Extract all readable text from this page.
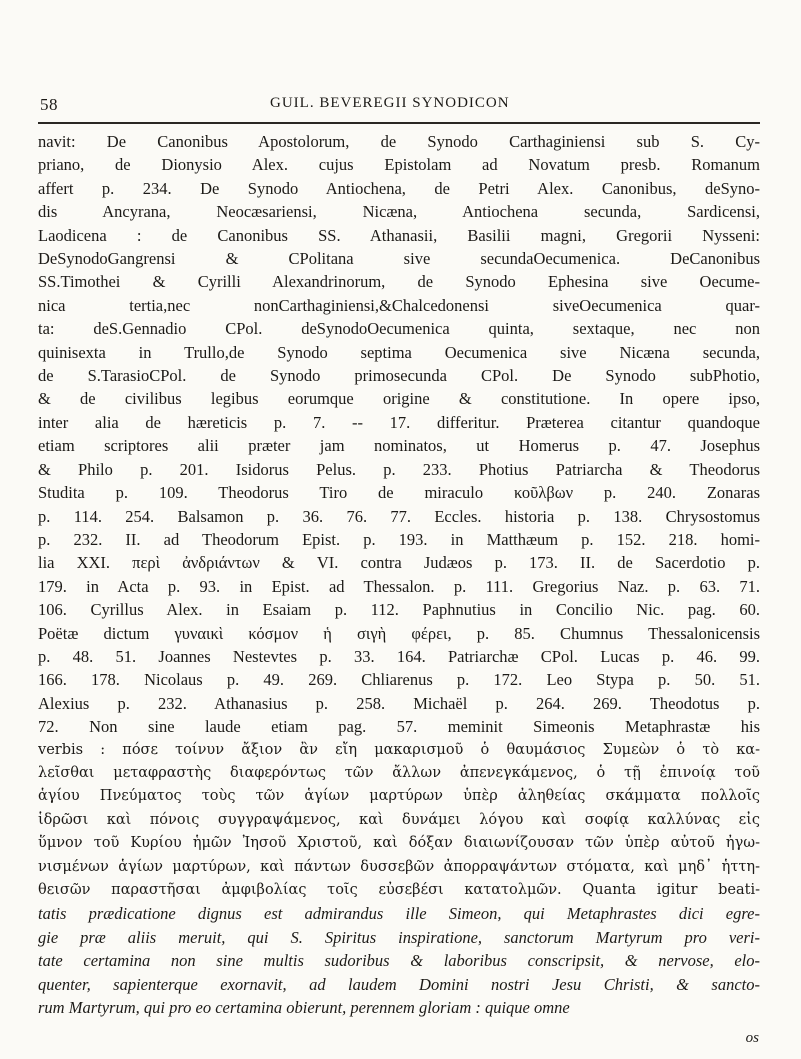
58	GUIL. BEVEREGII SYNODICON
navit: De Canonibus Apostolorum, de Synodo Carthaginiensi sub S. Cy-
priano, de Dionysio Alex. cujus Epistolam ad Novatum presb. Romanum
affert p. 234. De Synodo Antiochena, de Petri Alex. Canonibus, deSyno-
dis Ancyrana, Neocæsariensi, Nicæna, Antiochena secunda, Sardicensi,
Laodicena : de Canonibus SS. Athanasii, Basilii magni, Gregorii Nysseni:
DeSynodoGangrensi & CPolitana sive secundaOecumenica. DeCanonibus
SS.Timothei & Cyrilli Alexandrinorum, de Synodo Ephesina sive Oecume-
nica tertia,nec nonCarthaginiensi,&Chalcedonensi siveOecumenica quar-
ta: deS.Gennadio CPol. deSynodoOecumenica quinta, sextaque, nec non
quinisexta in Trullo,de Synodo septima Oecumenica sive Nicæna secunda,
de S.TarasioCPol. de Synodo primosecunda CPol. De Synodo subPhotio,
& de civilibus legibus eorumque origine & constitutione. In opere ipso,
inter alia de hæreticis p. 7. -- 17. differitur. Præterea citantur quandoque
etiam scriptores alii præter jam nominatos, ut Homerus p. 47. Josephus
& Philo p. 201. Isidorus Pelus. p. 233. Photius Patriarcha & Theodorus
Studita p. 109. Theodorus Tiro de miraculo κοῦλβων p. 240. Zonaras
p. 114. 254. Balsamon p. 36. 76. 77. Eccles. historia p. 138. Chrysostomus
p. 232. II. ad Theodorum Epist. p. 193. in Matthæum p. 152. 218. homi-
lia XXI. περὶ ἀνδριάντων & VI. contra Judæos p. 173. II. de Sacerdotio p.
179. in Acta p. 93. in Epist. ad Thessalon. p. 111. Gregorius Naz. p. 63. 71.
106. Cyrillus Alex. in Esaiam p. 112. Paphnutius in Concilio Nic. pag. 60.
Poëtæ dictum γυναικὶ κόσμον ἡ σιγὴ φέρει, p. 85. Chumnus Thessalonicensis
p. 48. 51. Joannes Nestevtes p. 33. 164. Patriarchæ CPol. Lucas p. 46. 99.
166. 178. Nicolaus p. 49. 269. Chliarenus p. 172. Leo Stypa p. 50. 51.
Alexius p. 232. Athanasius p. 258. Michaël p. 264. 269. Theodotus p.
72. Non sine laude etiam pag. 57. meminit Simeonis Metaphrastæ his
verbis : πόσε τοίνυν ἄξιον ἂν εἴη μακαρισμοῦ ὁ θαυμάσιος Συμεὼν ὁ τὸ κα-
λεῖσθαι μεταφραστὴς διαφερόντως τῶν ἄλλων ἀπενεγκάμενος, ὁ τῇ ἐπινοίᾳ τοῦ
ἁγίου Πνεύματος τοὺς τῶν ἁγίων μαρτύρων ὑπὲρ ἀληθείας σκάμματα πολλοῖς
ἱδρῶσι καὶ πόνοις συγγραψάμενος, καὶ δυνάμει λόγου καὶ σοφίᾳ καλλύνας εἰς
ὕμνον τοῦ Κυρίου ἡμῶν Ἰησοῦ Χριστοῦ, καὶ δόξαν διαιωνίζουσαν τῶν ὑπὲρ αὐτοῦ ἠγω-
νισμένων ἁγίων μαρτύρων, καὶ πάντων δυσσεβῶν ἀπορραψάντων στόματα, καὶ μηδ᾽ ἡττη-
θεισῶν παραστῆσαι ἀμφιβολίας τοῖς εὐσεβέσι κατατολμῶν. Quanta igitur beati-
tatis prædicatione dignus est admirandus ille Simeon, qui Metaphrastes dici egre-
gie præ aliis meruit, qui S. Spiritus inspiratione, sanctorum Martyrum pro veri-
tate certamina non sine multis sudoribus & laboribus conscripsit, & nervose, elo-
quenter, sapienterque exornavit, ad laudem Domini nostri Jesu Christi, & sancto-
rum Martyrum, qui pro eo certamina obierunt, perennem gloriam : quique omne
os
